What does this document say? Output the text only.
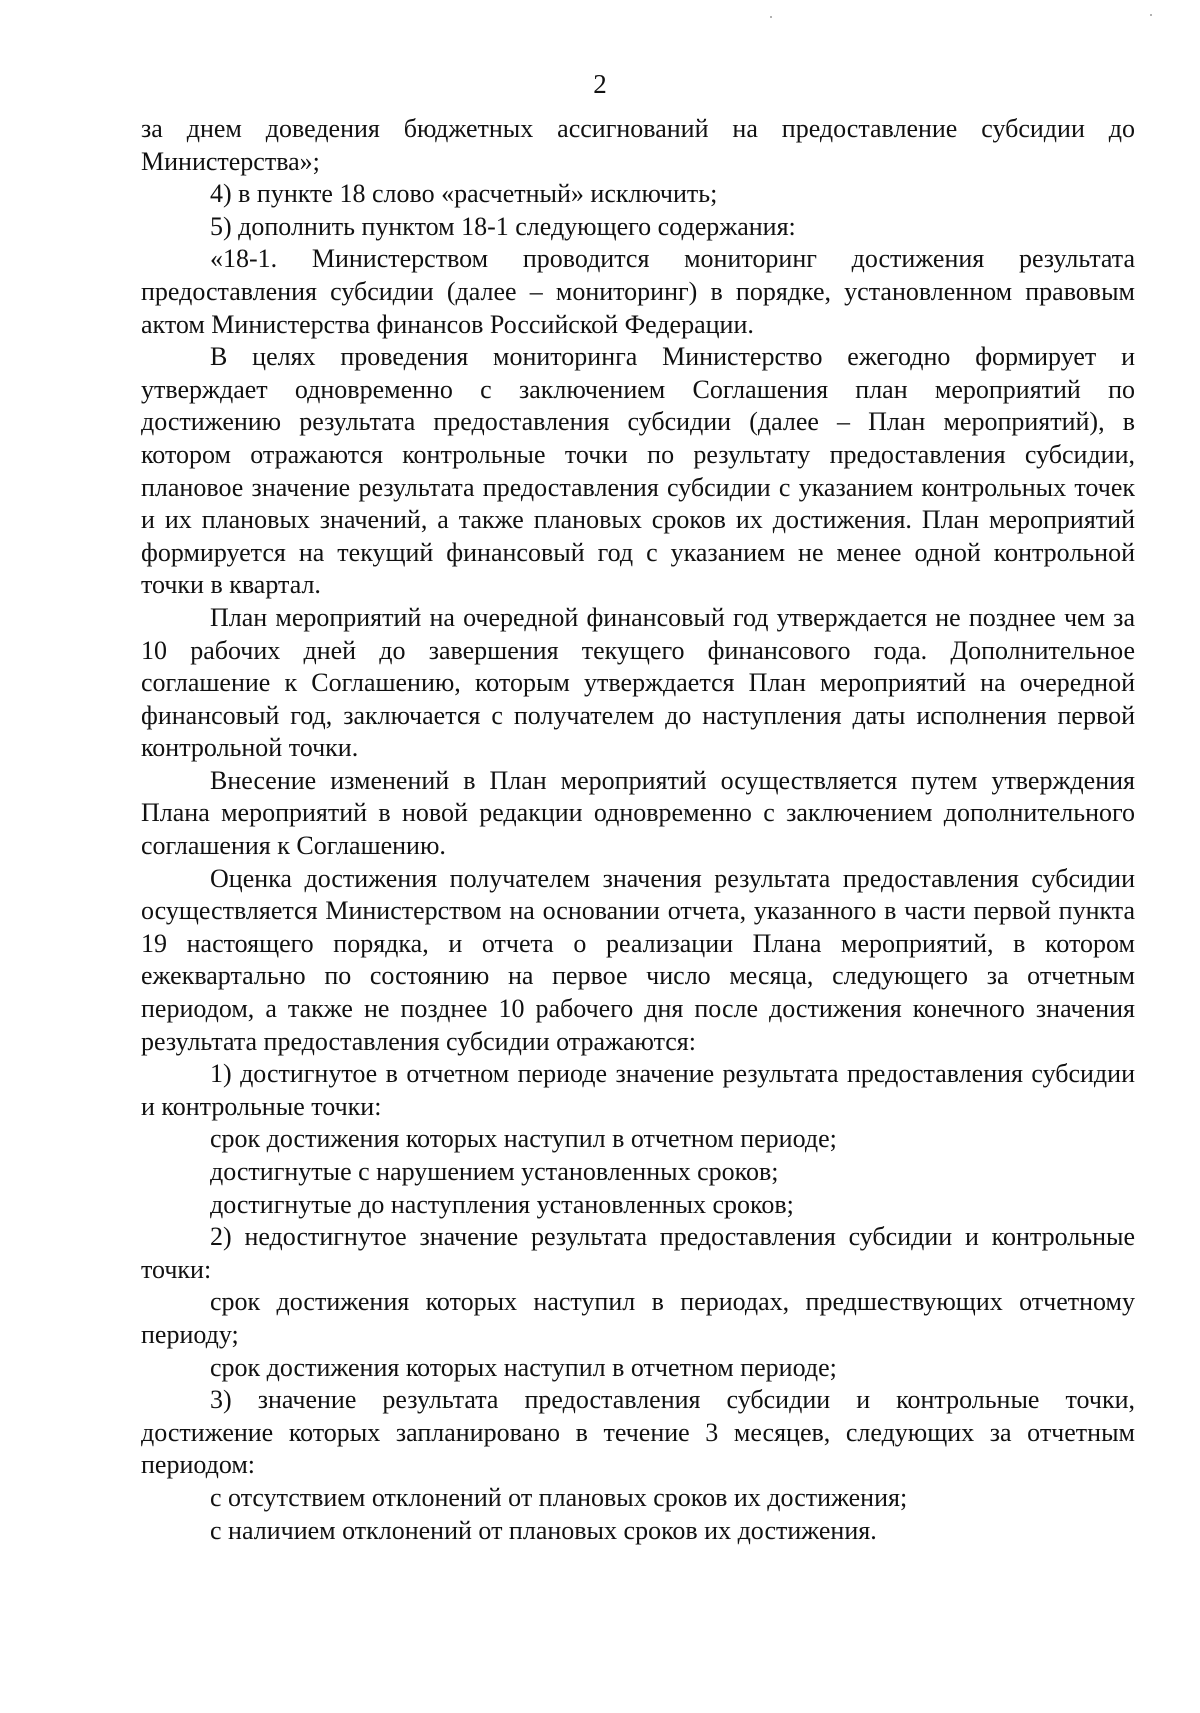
2

за днем доведения бюджетных ассигнований на предоставление субсидии до Министерства»;

4) в пункте 18 слово «расчетный» исключить;

5) дополнить пунктом 18-1 следующего содержания:

«18-1. Министерством проводится мониторинг достижения результата предоставления субсидии (далее – мониторинг) в порядке, установленном правовым актом Министерства финансов Российской Федерации.

В целях проведения мониторинга Министерство ежегодно формирует и утверждает одновременно с заключением Соглашения план мероприятий по достижению результата предоставления субсидии (далее – План мероприятий), в котором отражаются контрольные точки по результату предоставления субсидии, плановое значение результата предоставления субсидии с указанием контрольных точек и их плановых значений, а также плановых сроков их достижения. План мероприятий формируется на текущий финансовый год с указанием не менее одной контрольной точки в квартал.

План мероприятий на очередной финансовый год утверждается не позднее чем за 10 рабочих дней до завершения текущего финансового года. Дополнительное соглашение к Соглашению, которым утверждается План мероприятий на очередной финансовый год, заключается с получателем до наступления даты исполнения первой контрольной точки.

Внесение изменений в План мероприятий осуществляется путем утверждения Плана мероприятий в новой редакции одновременно с заключением дополнительного соглашения к Соглашению.

Оценка достижения получателем значения результата предоставления субсидии осуществляется Министерством на основании отчета, указанного в части первой пункта 19 настоящего порядка, и отчета о реализации Плана мероприятий, в котором ежеквартально по состоянию на первое число месяца, следующего за отчетным периодом, а также не позднее 10 рабочего дня после достижения конечного значения результата предоставления субсидии отражаются:

1) достигнутое в отчетном периоде значение результата предоставления субсидии и контрольные точки:

срок достижения которых наступил в отчетном периоде;

достигнутые с нарушением установленных сроков;

достигнутые до наступления установленных сроков;

2) недостигнутое значение результата предоставления субсидии и контрольные точки:

срок достижения которых наступил в периодах, предшествующих отчетному периоду;

срок достижения которых наступил в отчетном периоде;

3) значение результата предоставления субсидии и контрольные точки, достижение которых запланировано в течение 3 месяцев, следующих за отчетным периодом:

с отсутствием отклонений от плановых сроков их достижения;

с наличием отклонений от плановых сроков их достижения.
